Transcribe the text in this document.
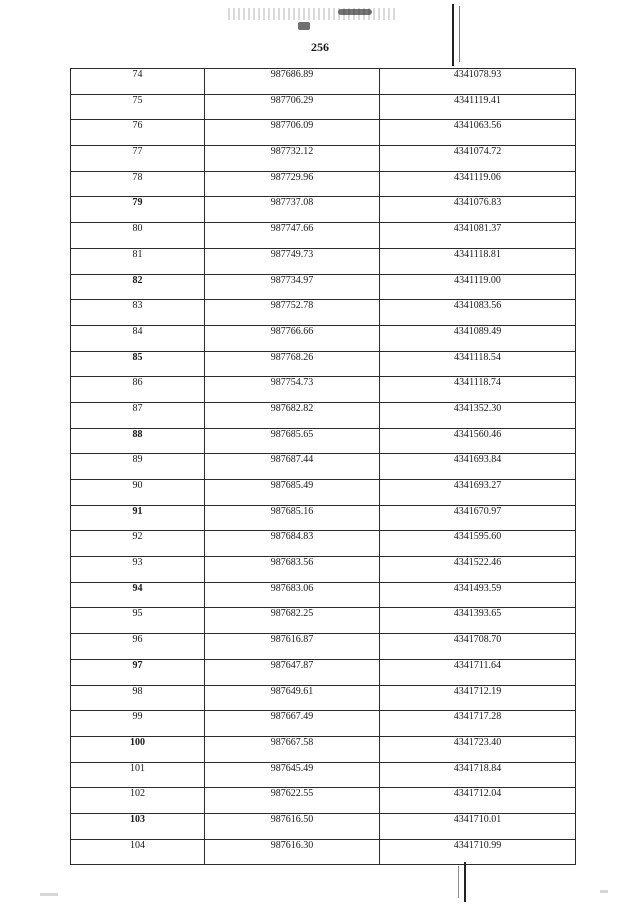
256
74	987686.89	4341078.93
75	987706.29	4341119.41
76	987706.09	4341063.56
77	987732.12	4341074.72
78	987729.96	4341119.06
79	987737.08	4341076.83
80	987747.66	4341081.37
81	987749.73	4341118.81
82	987734.97	4341119.00
83	987752.78	4341083.56
84	987766.66	4341089.49
85	987768.26	4341118.54
86	987754.73	4341118.74
87	987682.82	4341352.30
88	987685.65	4341560.46
89	987687.44	4341693.84
90	987685.49	4341693.27
91	987685.16	4341670.97
92	987684.83	4341595.60
93	987683.56	4341522.46
94	987683.06	4341493.59
95	987682.25	4341393.65
96	987616.87	4341708.70
97	987647.87	4341711.64
98	987649.61	4341712.19
99	987667.49	4341717.28
100	987667.58	4341723.40
101	987645.49	4341718.84
102	987622.55	4341712.04
103	987616.50	4341710.01
104	987616.30	4341710.99
